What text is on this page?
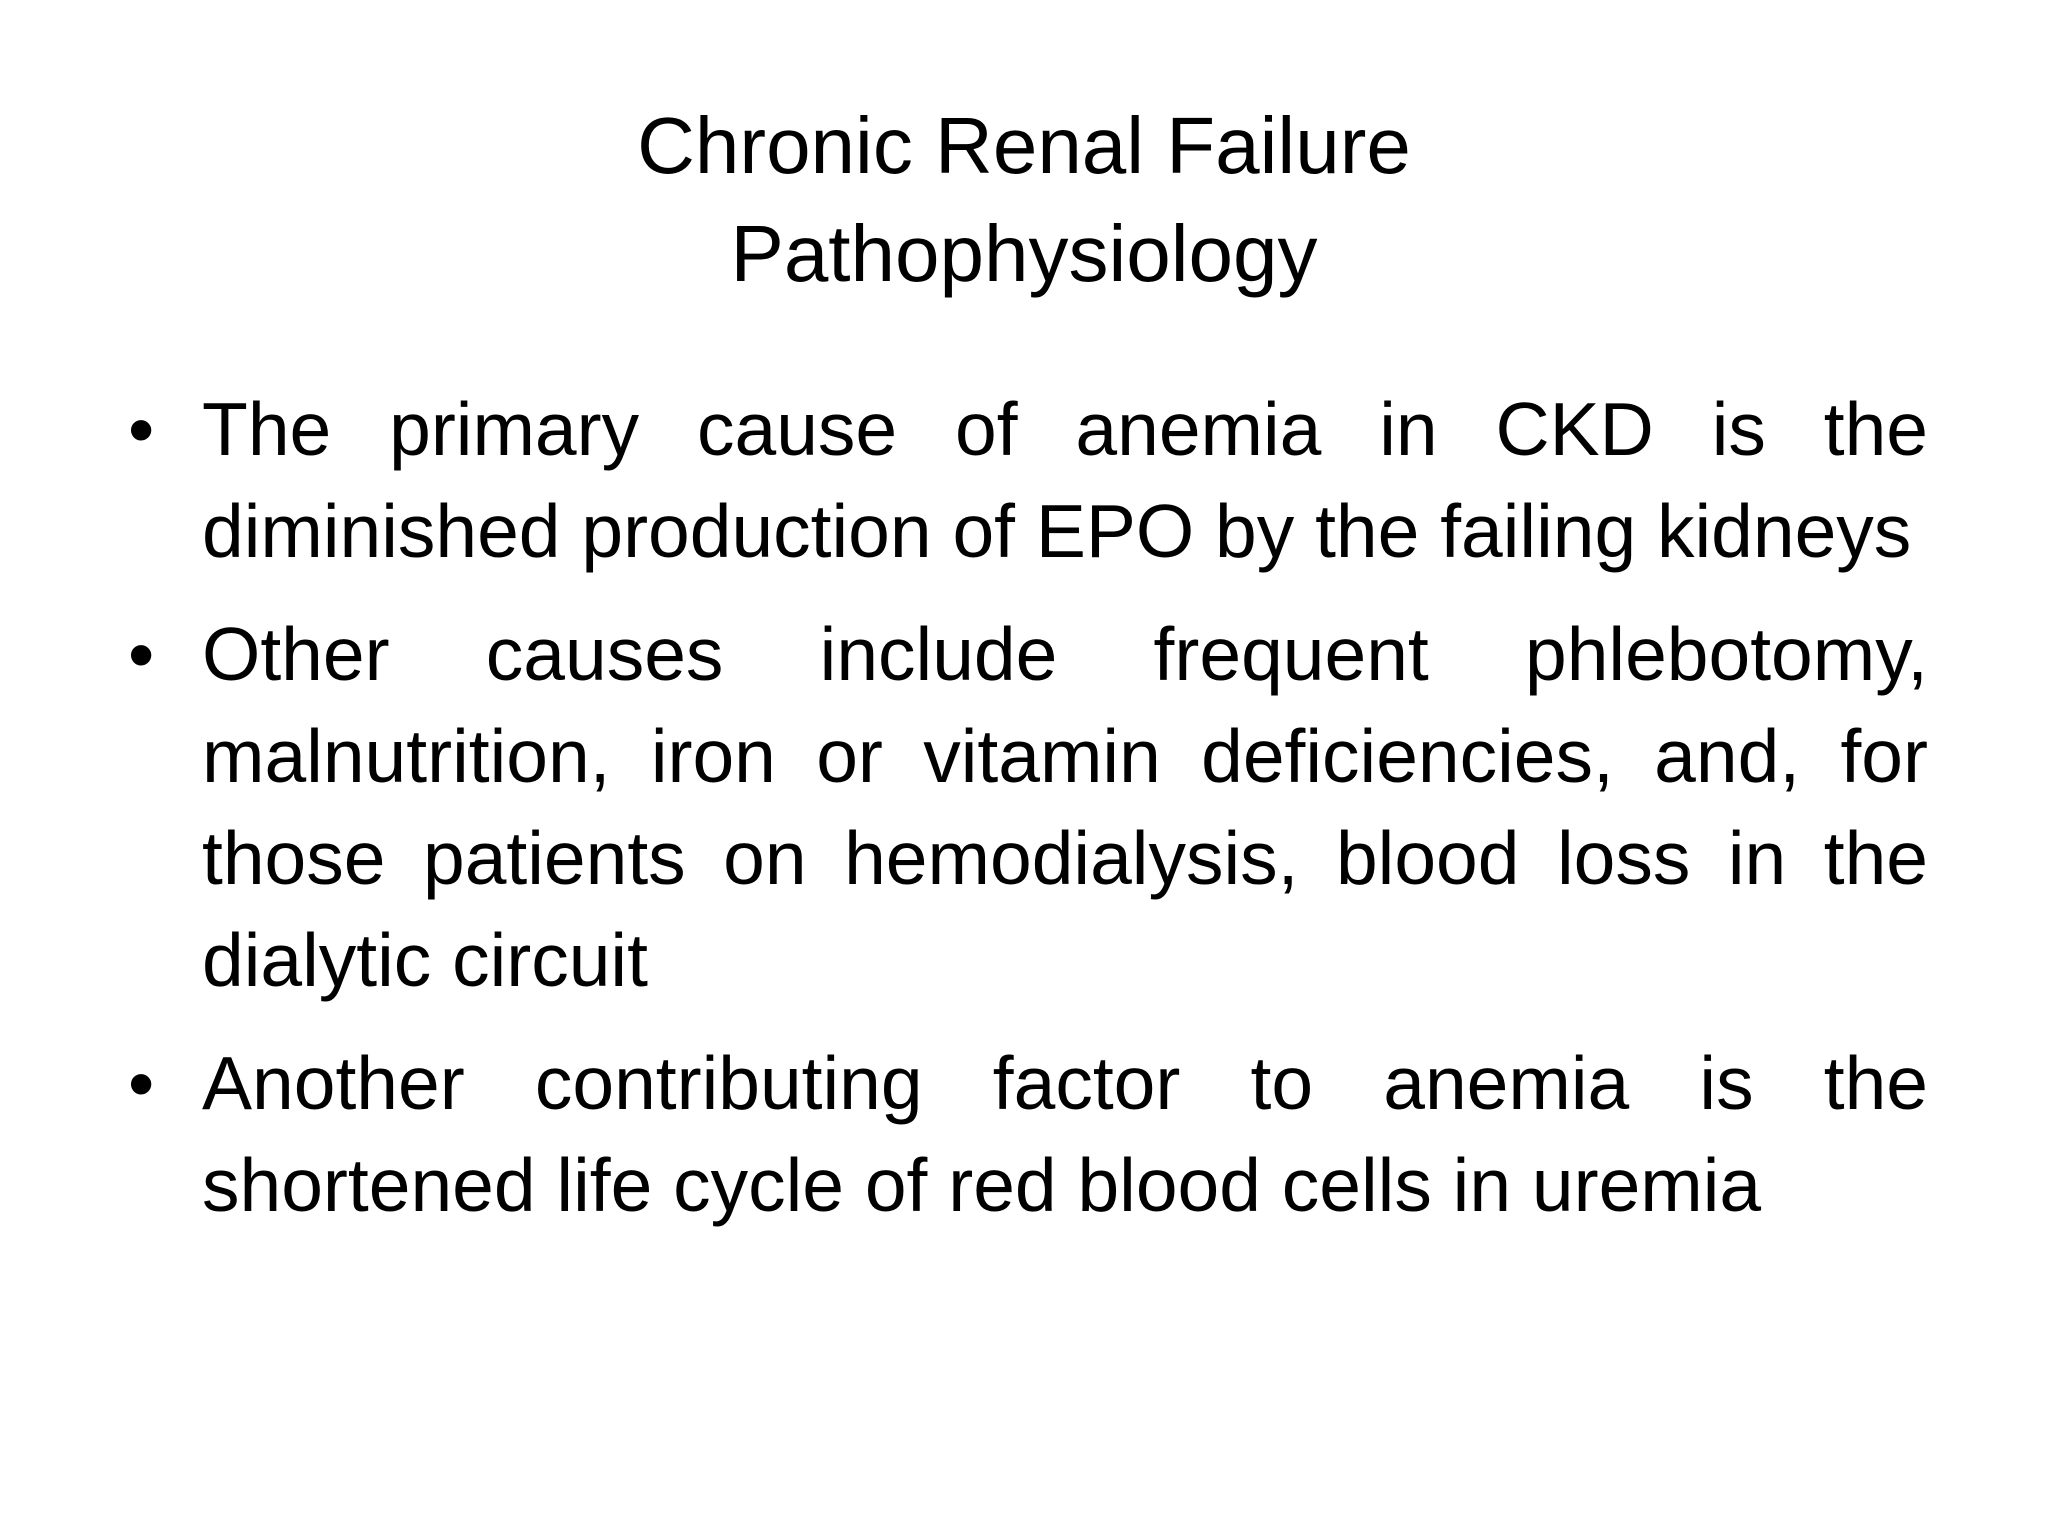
Chronic Renal Failure
Pathophysiology
• The primary cause of anemia in CKD is the diminished production of EPO by the failing kidneys
• Other causes include frequent phlebotomy, malnutrition, iron or vitamin deficiencies, and, for those patients on hemodialysis, blood loss in the dialytic circuit
• Another contributing factor to anemia is the shortened life cycle of red blood cells in uremia
